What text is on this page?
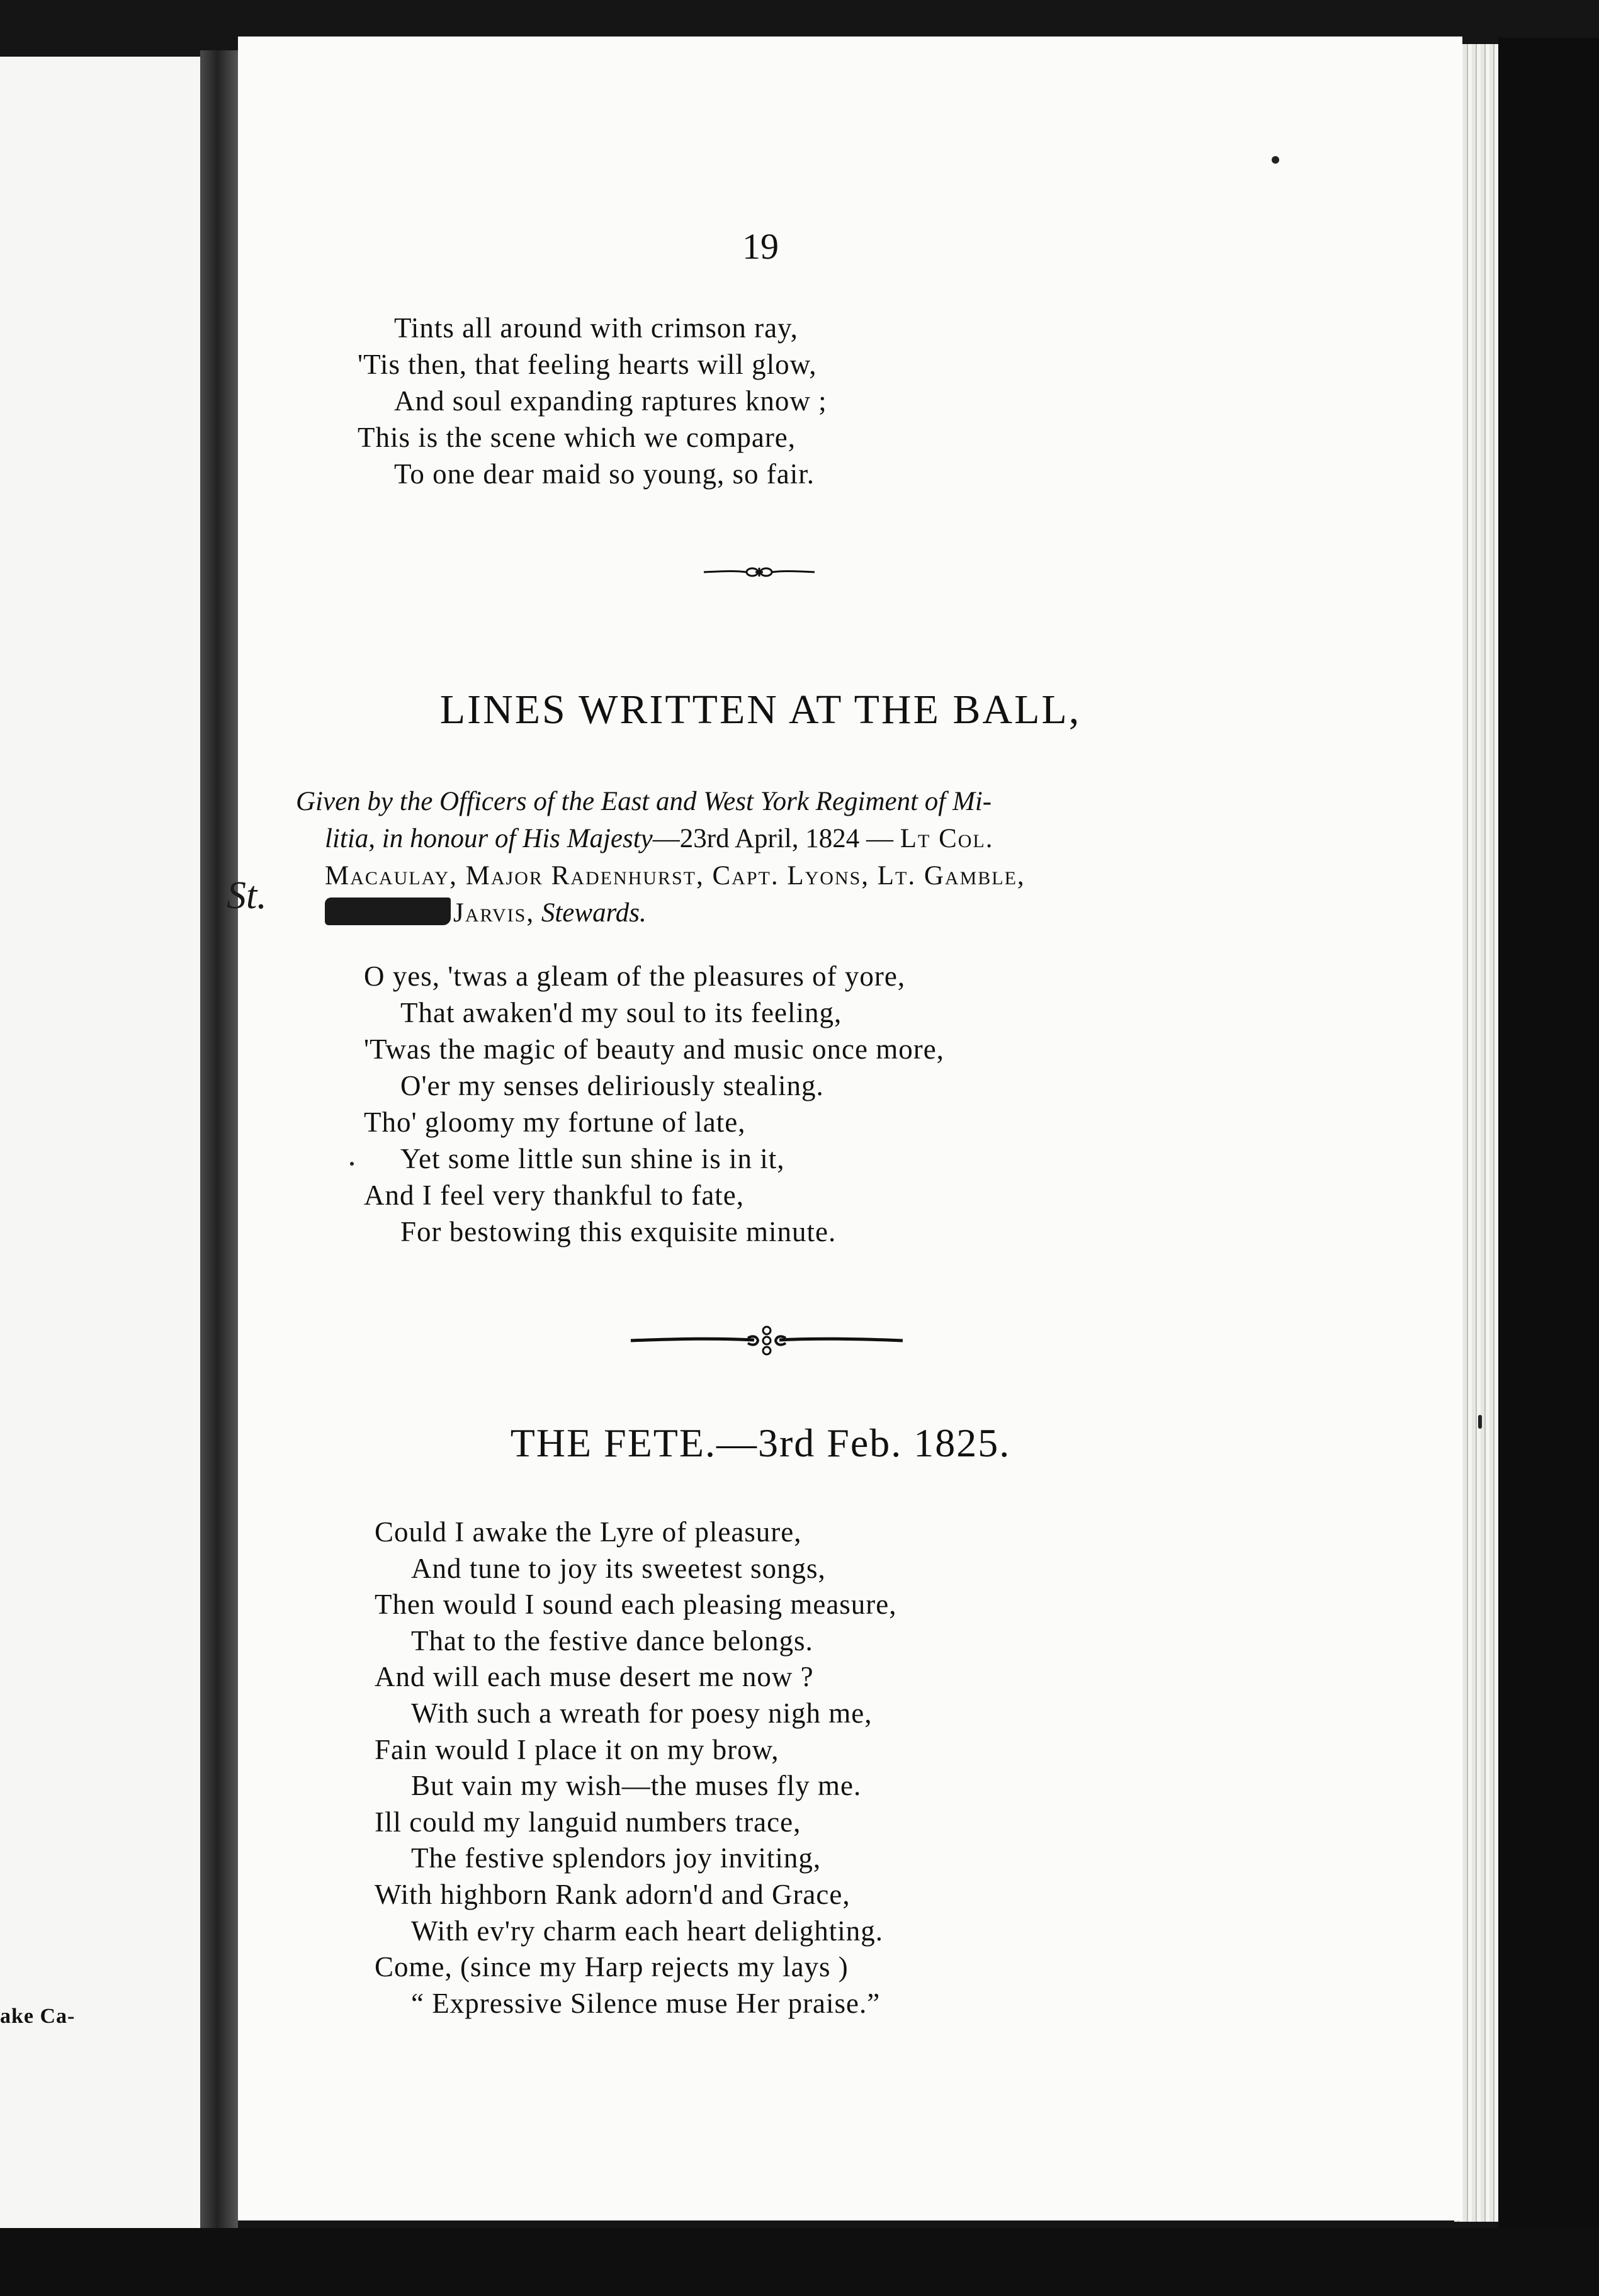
ake Ca-
19
Tints all around with crimson ray,
'Tis then, that feeling hearts will glow,
And soul expanding raptures know ;
This is the scene which we compare,
To one dear maid so young, so fair.
LINES WRITTEN AT THE BALL,
Given by the Officers of the East and West York Regiment of Mi-
litia, in honour of His Majesty—23rd April, 1824 — Lt Col.
Macaulay, Major Radenhurst, Capt. Lyons, Lt. Gamble,
Jarvis, Stewards.
St.
O yes, 'twas a gleam of the pleasures of yore,
That awaken'd my soul to its feeling,
'Twas the magic of beauty and music once more,
O'er my senses deliriously stealing.
Tho' gloomy my fortune of late,
Yet some little sun shine is in it,
And I feel very thankful to fate,
For bestowing this exquisite minute.
THE FETE.—3rd Feb. 1825.
Could I awake the Lyre of pleasure,
And tune to joy its sweetest songs,
Then would I sound each pleasing measure,
That to the festive dance belongs.
And will each muse desert me now ?
With such a wreath for poesy nigh me,
Fain would I place it on my brow,
But vain my wish—the muses fly me.
Ill could my languid numbers trace,
The festive splendors joy inviting,
With highborn Rank adorn'd and Grace,
With ev'ry charm each heart delighting.
Come, (since my Harp rejects my lays )
“ Expressive Silence muse Her praise.”
